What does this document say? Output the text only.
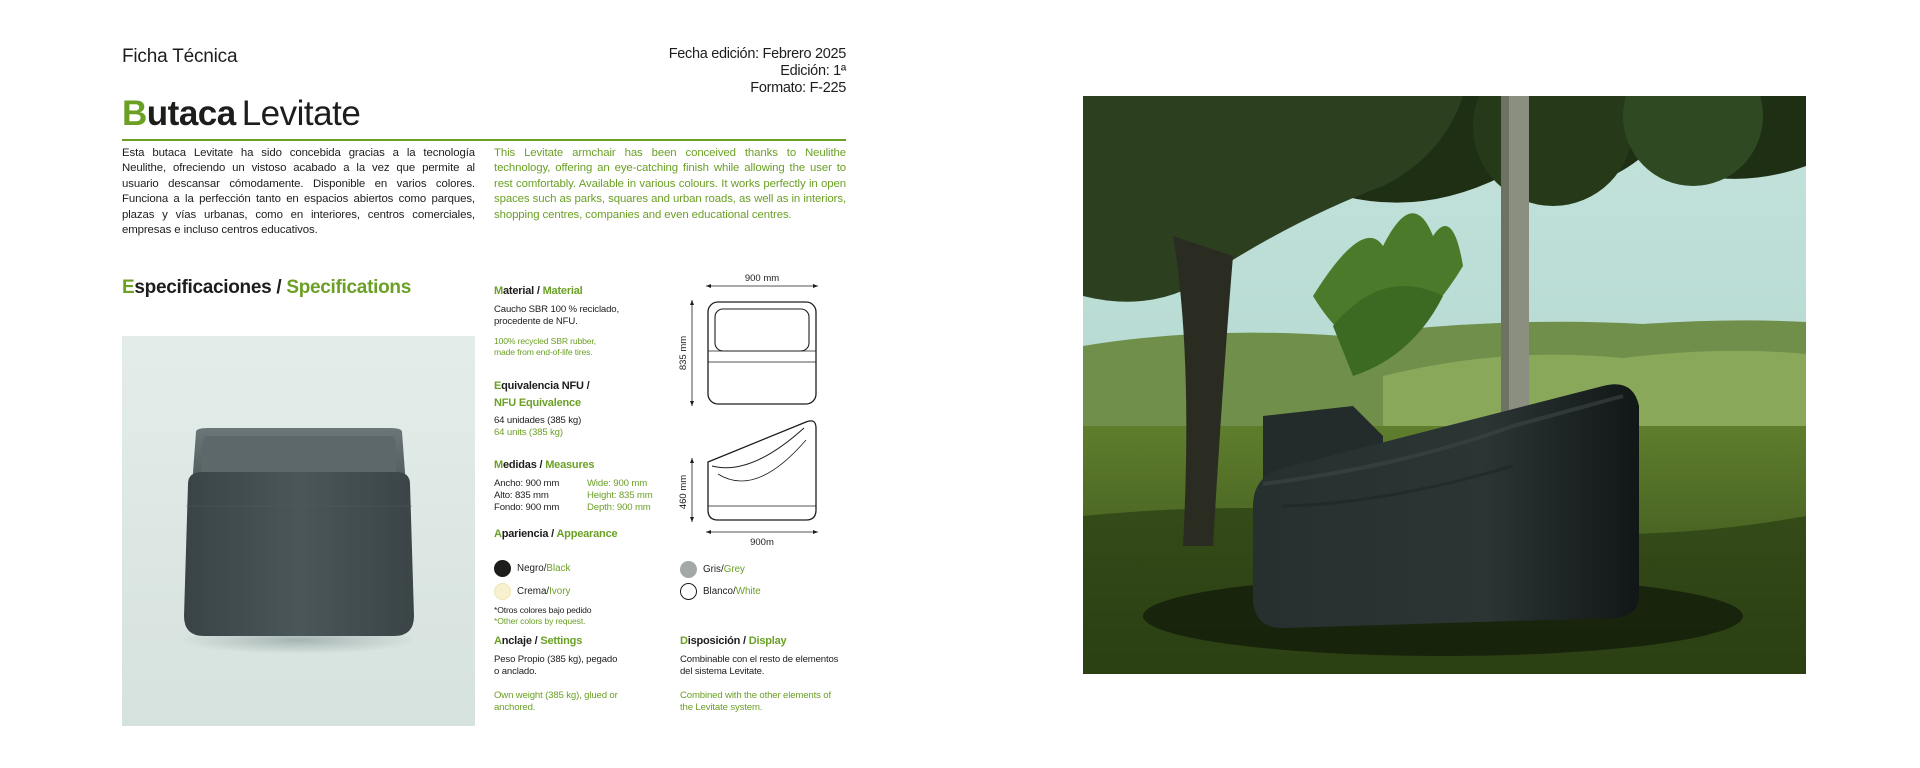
Ficha Técnica	Fecha edición: Febrero 2025
Edición: 1ª
Formato: F-225
Butaca Levitate
Esta butaca Levitate ha sido concebida gracias a la tecnología Neulithe, ofreciendo un vistoso acabado a la vez que permite al usuario descansar cómodamente. Disponible en varios colores. Funciona a la perfección tanto en espacios abiertos como parques, plazas y vías urbanas, como en interiores, centros comerciales, empresas e incluso centros educativos.
This Levitate armchair has been conceived thanks to Neulithe technology, offering an eye-catching finish while allowing the user to rest comfortably. Available in various colours. It works perfectly in open spaces such as parks, squares and urban roads, as well as in interiors, shopping centres, companies and even educational centres.
Especificaciones / Specifications	Material / Material
Caucho SBR 100 % reciclado,
procedente de NFU.
100% recycled SBR rubber,
made from end-of-life tires.
Equivalencia NFU /
NFU Equivalence
64 unidades (385 kg)
64 units (385 kg)
Medidas / Measures
Ancho: 900 mm
Alto: 835 mm
Fondo: 900 mm
Wide: 900 mm
Height: 835 mm
Depth: 900 mm
Apariencia / Appearance
Negro / Black
Crema / Ivory
Gris / Grey
Blanco / White
*Otros colores bajo pedido
*Other colors by request.
Anclaje / Settings
Peso Propio (385 kg), pegado
o anclado.
Own weight (385 kg), glued or
anchored.
Disposición / Display
Combinable con el resto de elementos
del sistema Levitate.
Combined with the other elements of
the Levitate system.
900 mm
835 mm
460 mm
900m
